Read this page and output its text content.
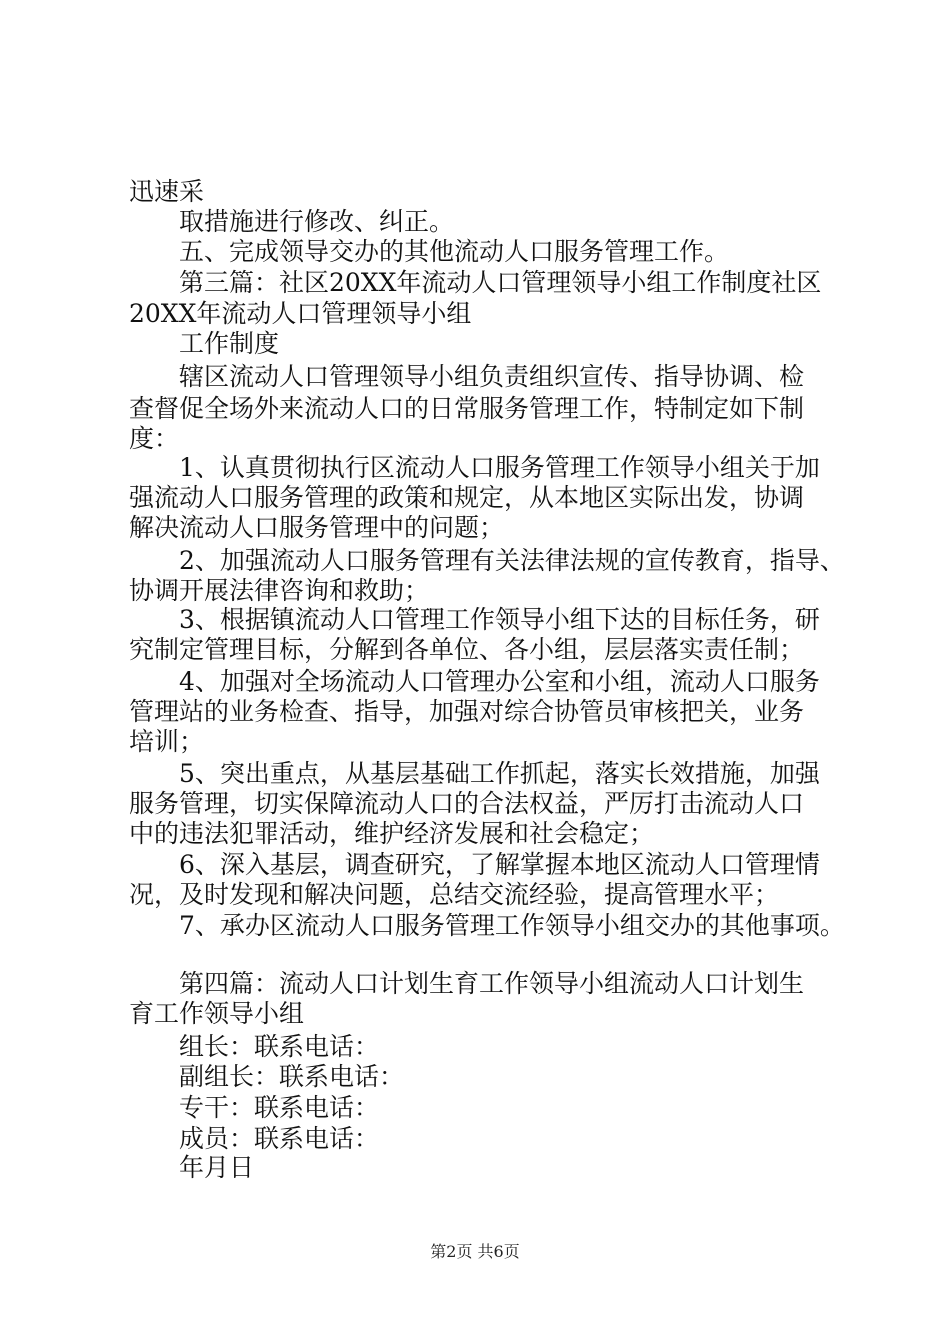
迅速采
取措施进行修改、纠正。
五、完成领导交办的其他流动人口服务管理工作。
第三篇：社区20XX年流动人口管理领导小组工作制度社区
20XX年流动人口管理领导小组
工作制度
辖区流动人口管理领导小组负责组织宣传、指导协调、检
查督促全场外来流动人口的日常服务管理工作，特制定如下制
度：
1、认真贯彻执行区流动人口服务管理工作领导小组关于加
强流动人口服务管理的政策和规定，从本地区实际出发，协调
解决流动人口服务管理中的问题；
2、加强流动人口服务管理有关法律法规的宣传教育，指导、
协调开展法律咨询和救助；
3、根据镇流动人口管理工作领导小组下达的目标任务，研
究制定管理目标，分解到各单位、各小组，层层落实责任制；
4、加强对全场流动人口管理办公室和小组，流动人口服务
管理站的业务检查、指导，加强对综合协管员审核把关，业务
培训；
5、突出重点，从基层基础工作抓起，落实长效措施，加强
服务管理，切实保障流动人口的合法权益，严厉打击流动人口
中的违法犯罪活动，维护经济发展和社会稳定；
6、深入基层，调查研究，了解掌握本地区流动人口管理情
况，及时发现和解决问题，总结交流经验，提高管理水平；
7、承办区流动人口服务管理工作领导小组交办的其他事项。
第四篇：流动人口计划生育工作领导小组流动人口计划生
育工作领导小组
组长：联系电话：
副组长：联系电话：
专干：联系电话：
成员：联系电话：
年月日
第2页 共6页
